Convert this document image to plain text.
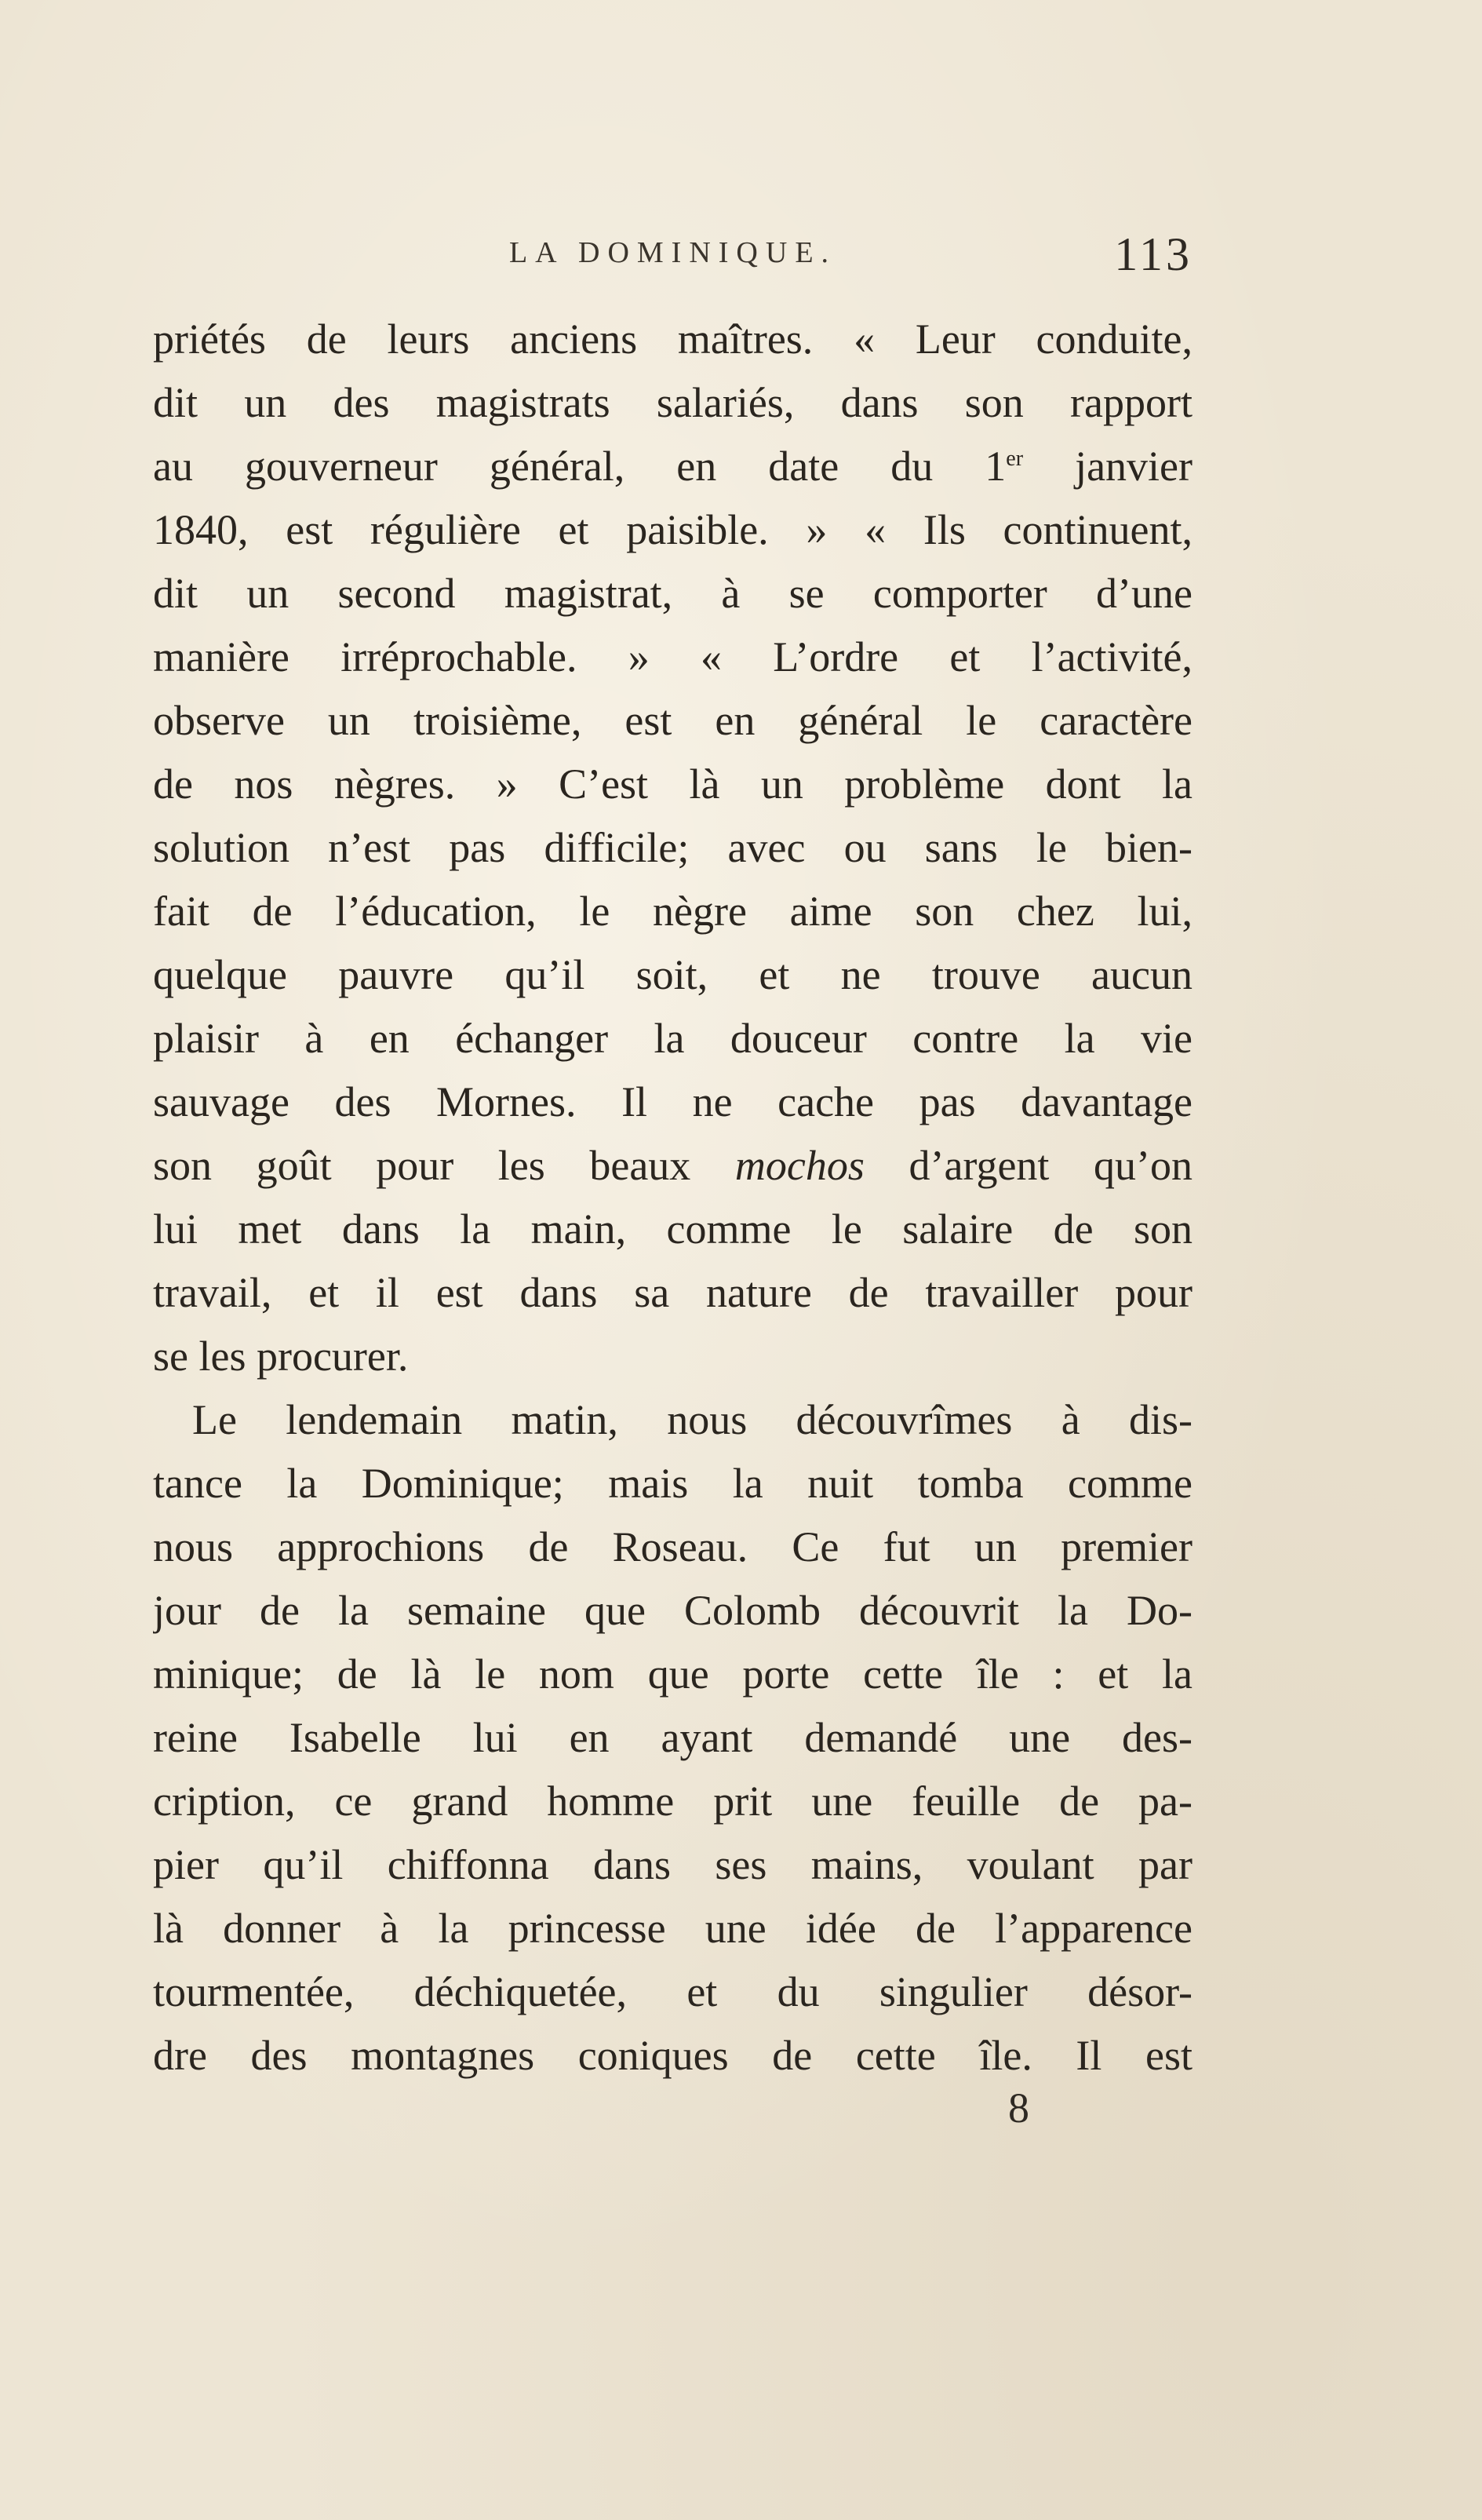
LA DOMINIQUE.	113
priétés de leurs anciens maîtres. « Leur conduite,
dit un des magistrats salariés, dans son rapport
au gouverneur général, en date du 1er janvier
1840, est régulière et paisible. » « Ils continuent,
dit un second magistrat, à se comporter d’une
manière irréprochable. » « L’ordre et l’activité,
observe un troisième, est en général le caractère
de nos nègres. » C’est là un problème dont la
solution n’est pas difficile; avec ou sans le bien-
fait de l’éducation, le nègre aime son chez lui,
quelque pauvre qu’il soit, et ne trouve aucun
plaisir à en échanger la douceur contre la vie
sauvage des Mornes. Il ne cache pas davantage
son goût pour les beaux mochos d’argent qu’on
lui met dans la main, comme le salaire de son
travail, et il est dans sa nature de travailler pour
se les procurer.
Le lendemain matin, nous découvrîmes à dis-
tance la Dominique; mais la nuit tomba comme
nous approchions de Roseau. Ce fut un premier
jour de la semaine que Colomb découvrit la Do-
minique; de là le nom que porte cette île : et la
reine Isabelle lui en ayant demandé une des-
cription, ce grand homme prit une feuille de pa-
pier qu’il chiffonna dans ses mains, voulant par
là donner à la princesse une idée de l’apparence
tourmentée, déchiquetée, et du singulier désor-
dre des montagnes coniques de cette île. Il est
8
